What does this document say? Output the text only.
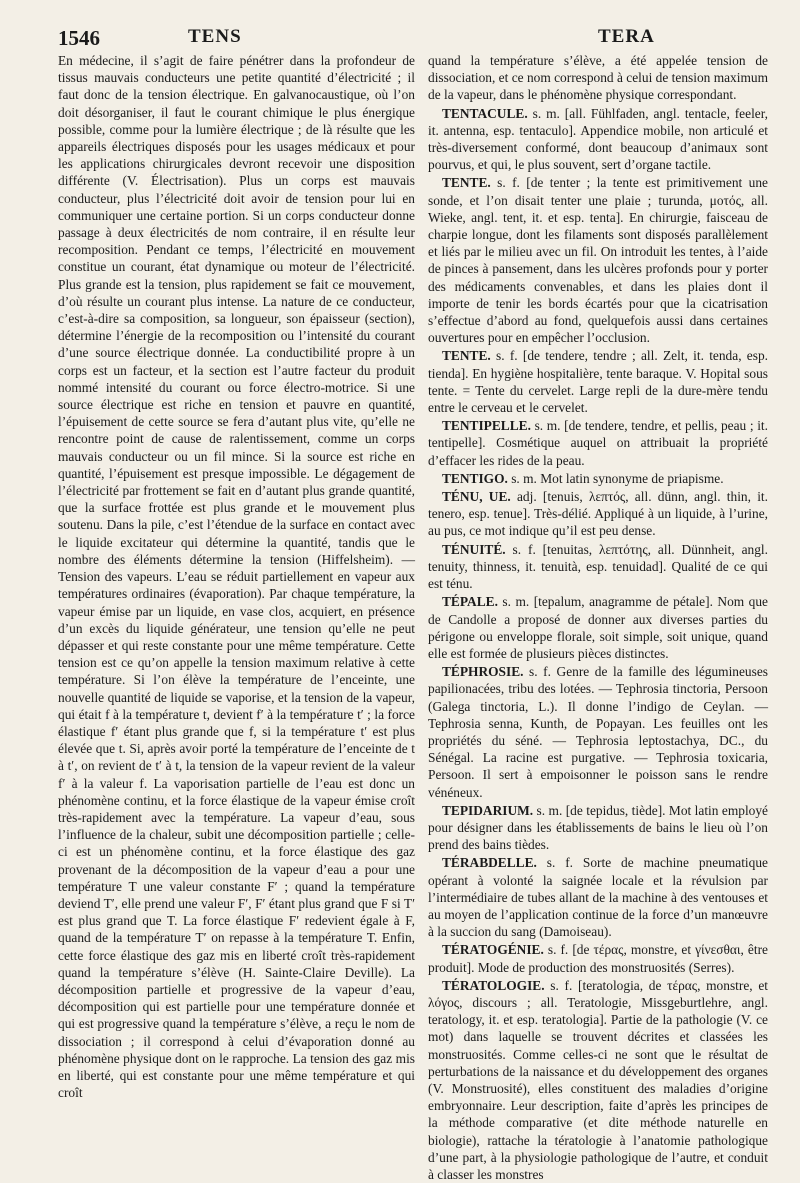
1546	TENS	TERA

En médecine, il s’agit de faire pénétrer dans la profondeur de tissus mauvais conducteurs une petite quantité d’électricité ; il faut donc de la tension électrique. En galvanocaustique, où l’on doit désorganiser, il faut le courant chimique le plus énergique possible, comme pour la lumière électrique ; de là résulte que les appareils électriques disposés pour les usages médicaux et pour les applications chirurgicales devront recevoir une disposition différente (V. Électrisation). Plus un corps est mauvais conducteur, plus l’électricité doit avoir de tension pour lui en communiquer une certaine portion. Si un corps conducteur donne passage à deux électricités de nom contraire, il en résulte leur recomposition. Pendant ce temps, l’électricité en mouvement constitue un courant, état dynamique ou moteur de l’électricité. Plus grande est la tension, plus rapidement se fait ce mouvement, d’où résulte un courant plus intense. La nature de ce conducteur, c’est-à-dire sa composition, sa longueur, son épaisseur (section), détermine l’énergie de la recomposition ou l’intensité du courant d’une source électrique donnée. La conductibilité propre à un corps est un facteur, et la section est l’autre facteur du produit nommé intensité du courant ou force électro-motrice. Si une source électrique est riche en tension et pauvre en quantité, l’épuisement de cette source se fera d’autant plus vite, qu’elle ne rencontre point de cause de ralentissement, comme un corps mauvais conducteur ou un fil mince. Si la source est riche en quantité, l’épuisement est presque impossible. Le dégagement de l’électricité par frottement se fait en d’autant plus grande quantité, que la surface frottée est plus grande et le mouvement plus soutenu. Dans la pile, c’est l’étendue de la surface en contact avec le liquide excitateur qui détermine la quantité, tandis que le nombre des éléments détermine la tension (Hiffelsheim). — Tension des vapeurs. L’eau se réduit partiellement en vapeur aux températures ordinaires (évaporation). Par chaque température, la vapeur émise par un liquide, en vase clos, acquiert, en présence d’un excès du liquide générateur, une tension qu’elle ne peut dépasser et qui reste constante pour une même température. Cette tension est ce qu’on appelle la tension maximum relative à cette température. Si l’on élève la température de l’enceinte, une nouvelle quantité de liquide se vaporise, et la tension de la vapeur, qui était f à la température t, devient f′ à la température t′ ; la force élastique f′ étant plus grande que f, si la température t′ est plus élevée que t. Si, après avoir porté la température de l’enceinte de t à t′, on revient de t′ à t, la tension de la vapeur revient de la valeur f′ à la valeur f. La vaporisation partielle de l’eau est donc un phénomène continu, et la force élastique de la vapeur émise croît très-rapidement avec la température. La vapeur d’eau, sous l’influence de la chaleur, subit une décomposition partielle ; celle-ci est un phénomène continu, et la force élastique des gaz provenant de la décomposition de la vapeur d’eau a pour une température T une valeur constante F′ ; quand la température deviend T′, elle prend une valeur F′, F′ étant plus grand que F si T′ est plus grand que T. La force élastique F′ redevient égale à F, quand de la température T′ on repasse à la température T. Enfin, cette force élastique des gaz mis en liberté croît très-rapidement quand la température s’élève (H. Sainte-Claire Deville). La décomposition partielle et progressive de la vapeur d’eau, décomposition qui est partielle pour une température donnée et qui est progressive quand la température s’élève, a reçu le nom de dissociation ; il correspond à celui d’évaporation donné au phénomène physique dont on le rapproche. La tension des gaz mis en liberté, qui est constante pour une même température et qui croît

quand la température s’élève, a été appelée tension de dissociation, et ce nom correspond à celui de tension maximum de la vapeur, dans le phénomène physique correspondant.

TENTACULE. s. m. [all. Fühlfaden, angl. tentacle, feeler, it. antenna, esp. tentaculo]. Appendice mobile, non articulé et très-diversement conformé, dont beaucoup d’animaux sont pourvus, et qui, le plus souvent, sert d’organe tactile.

TENTE. s. f. [de tenter ; la tente est primitivement une sonde, et l’on disait tenter une plaie ; turunda, μοτός, all. Wieke, angl. tent, it. et esp. tenta]. En chirurgie, faisceau de charpie longue, dont les filaments sont disposés parallèlement et liés par le milieu avec un fil. On introduit les tentes, à l’aide de pinces à pansement, dans les ulcères profonds pour y porter des médicaments convenables, et dans les plaies dont il importe de tenir les bords écartés pour que la cicatrisation s’effectue d’abord au fond, quelquefois aussi dans certaines ouvertures pour en empêcher l’occlusion.

TENTE. s. f. [de tendere, tendre ; all. Zelt, it. tenda, esp. tienda]. En hygiène hospitalière, tente baraque. V. Hopital sous tente. = Tente du cervelet. Large repli de la dure-mère tendu entre le cerveau et le cervelet.

TENTIPELLE. s. m. [de tendere, tendre, et pellis, peau ; it. tentipelle]. Cosmétique auquel on attribuait la propriété d’effacer les rides de la peau.

TENTIGO. s. m. Mot latin synonyme de priapisme.

TÉNU, UE. adj. [tenuis, λεπτός, all. dünn, angl. thin, it. tenero, esp. tenue]. Très-délié. Appliqué à un liquide, à l’urine, au pus, ce mot indique qu’il est peu dense.

TÉNUITÉ. s. f. [tenuitas, λεπτότης, all. Dünnheit, angl. tenuity, thinness, it. tenuità, esp. tenuidad]. Qualité de ce qui est ténu.

TÉPALE. s. m. [tepalum, anagramme de pétale]. Nom que de Candolle a proposé de donner aux diverses parties du périgone ou enveloppe florale, soit simple, soit unique, quand elle est formée de plusieurs pièces distinctes.

TÉPHROSIE. s. f. Genre de la famille des légumineuses papilionacées, tribu des lotées. — Tephrosia tinctoria, Persoon (Galega tinctoria, L.). Il donne l’indigo de Ceylan. — Tephrosia senna, Kunth, de Popayan. Les feuilles ont les propriétés du séné. — Tephrosia leptostachya, DC., du Sénégal. La racine est purgative. — Tephrosia toxicaria, Persoon. Il sert à empoisonner le poisson sans le rendre vénéneux.

TEPIDARIUM. s. m. [de tepidus, tiède]. Mot latin employé pour désigner dans les établissements de bains le lieu où l’on prend des bains tièdes.

TÉRABDELLE. s. f. Sorte de machine pneumatique opérant à volonté la saignée locale et la révulsion par l’intermédiaire de tubes allant de la machine à des ventouses et au moyen de l’application continue de la force d’un manœuvre à la succion du sang (Damoiseau).

TÉRATOGÉNIE. s. f. [de τέρας, monstre, et γίνεσθαι, être produit]. Mode de production des monstruosités (Serres).

TÉRATOLOGIE. s. f. [teratologia, de τέρας, monstre, et λόγος, discours ; all. Teratologie, Missgeburtlehre, angl. teratology, it. et esp. teratologia]. Partie de la pathologie (V. ce mot) dans laquelle se trouvent décrites et classées les monstruosités. Comme celles-ci ne sont que le résultat de perturbations de la naissance et du développement des organes (V. Monstruosité), elles constituent des maladies d’origine embryonnaire. Leur description, faite d’après les principes de la méthode comparative (et dite méthode naturelle en biologie), rattache la tératologie à l’anatomie pathologique d’une part, à la physiologie pathologique de l’autre, et conduit à classer les monstres
